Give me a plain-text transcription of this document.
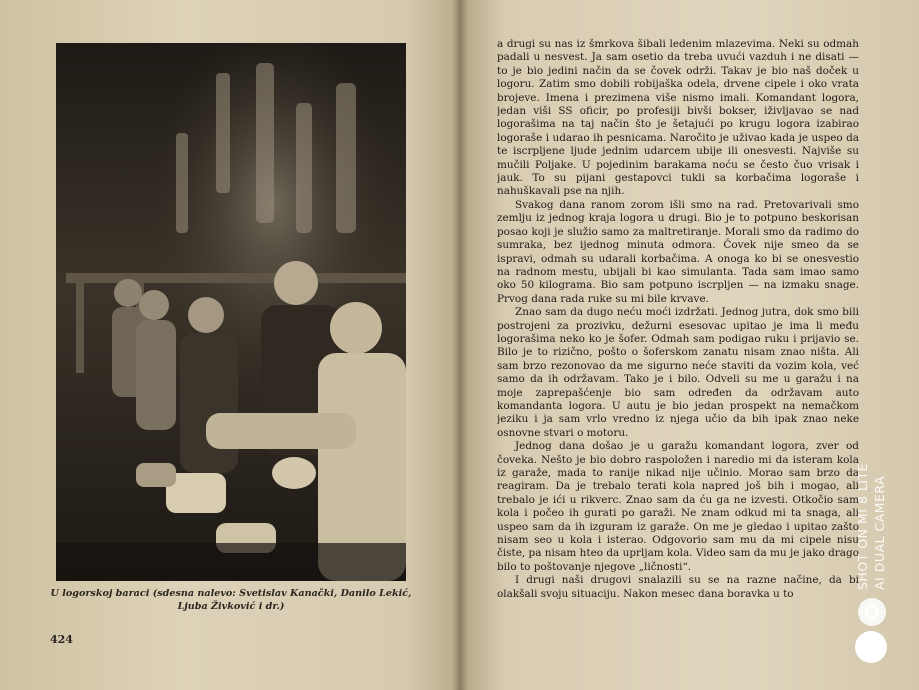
U logorskoj baraci (sdesna nalevo: Svetislav Kanački, Danilo Lekić, Ljuba Živković i dr.)
424

a drugi su nas iz šmrkova šibali ledenim mlazevima. Neki su odmah padali u nesvest. Ja sam osetio da treba uvući vazduh i ne disati — to je bio jedini način da se čovek održi. Takav je bio naš doček u logoru. Zatim smo dobili robijaška odela, drvene cipele i oko vrata brojeve. Imena i prezimena više nismo imali. Komandant logora, jedan viši SS oficir, po profesiji bivši bokser, iživljavao se nad logorašima na taj način što je šetajući po krugu logora izabirao logoraše i udarao ih pesnicama. Naročito je uživao kada je uspeo da te iscrpljene ljude jednim udarcem ubije ili onesvesti. Najviše su mučili Poljake. U pojedinim barakama noću se često čuo vrisak i jauk. To su pijani gestapovci tukli sa korbačima logoraše i nahuškavali pse na njih.

Svakog dana ranom zorom išli smo na rad. Pretovarivali smo zemlju iz jednog kraja logora u drugi. Bio je to potpuno beskorisan posao koji je služio samo za maltretiranje. Morali smo da radimo do sumraka, bez ijednog minuta odmora. Čovek nije smeo da se ispravi, odmah su udarali korbačima. A onoga ko bi se onesvestio na radnom mestu, ubijali bi kao simulanta. Tada sam imao samo oko 50 kilograma. Bio sam potpuno iscrpljen — na izmaku snage. Prvog dana rada ruke su mi bile krvave.

Znao sam da dugo neću moći izdržati. Jednog jutra, dok smo bili postrojeni za prozivku, dežurni esesovac upitao je ima li među logorašima neko ko je šofer. Odmah sam podigao ruku i prijavio se. Bilo je to rizično, pošto o šoferskom zanatu nisam znao ništa. Ali sam brzo rezonovao da me sigurno neće staviti da vozim kola, već samo da ih održavam. Tako je i bilo. Odveli su me u garažu i na moje zaprepašćenje bio sam određen da održavam auto komandanta logora. U autu je bio jedan prospekt na nemačkom jeziku i ja sam vrlo vredno iz njega učio da bih ipak znao neke osnovne stvari o motoru.

Jednog dana došao je u garažu komandant logora, zver od čoveka. Nešto je bio dobro raspoložen i naredio mi da isteram kola iz garaže, mada to ranije nikad nije učinio. Morao sam brzo da reagiram. Da je trebalo terati kola napred još bih i mogao, ali trebalo je ići u rikverc. Znao sam da ću ga ne izvesti. Otkočio sam kola i počeo ih gurati po garaži. Ne znam odkud mi ta snaga, ali uspeo sam da ih izguram iz garaže. On me je gledao i upitao zašto nisam seo u kola i isterao. Odgovorio sam mu da mi cipele nisu čiste, pa nisam hteo da uprljam kola. Video sam da mu je jako drago bilo to poštovanje njegove „ličnosti“.

I drugi naši drugovi snalazili su se na razne načine, da bi olakšali svoju situaciju. Nakon mesec dana boravka u to

SHOT ON MI 8 LITE AI DUAL CAMERA
